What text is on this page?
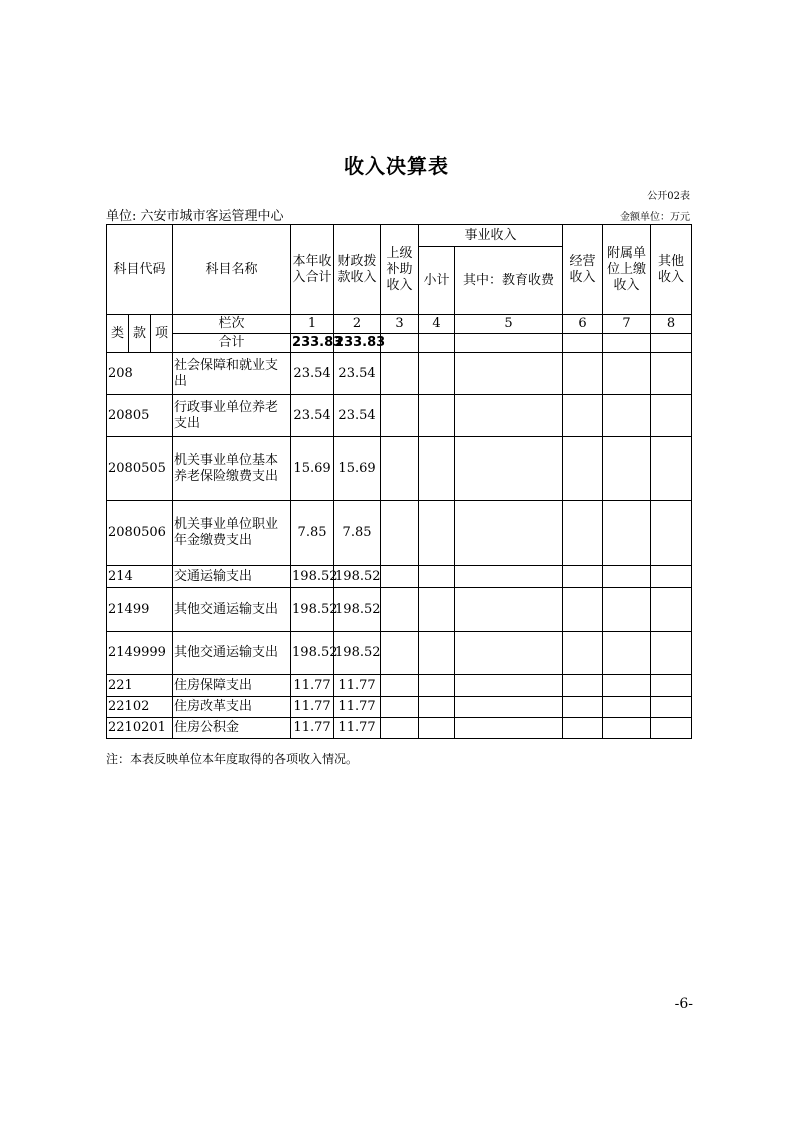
收入决算表
公开02表
单位: 六安市城市客运管理中心	金额单位：万元
科目代码			科目名称	本年收入合计	财政拨款收入	上级补助收入	事业收入		经营收入	附属单位上缴收入	其他收入
							小计	其中：教育收费			
类	款	项	栏次	1	2	3	4	5	6	7	8
			合计	233.83	233.83						
208			社会保障和就业支出	23.54	23.54						
20805			行政事业单位养老支出	23.54	23.54						
2080505			机关事业单位基本养老保险缴费支出	15.69	15.69						
2080506			机关事业单位职业年金缴费支出	7.85	7.85						
214			交通运输支出	198.52	198.52						
21499			其他交通运输支出	198.52	198.52						
2149999			其他交通运输支出	198.52	198.52						
221			住房保障支出	11.77	11.77						
22102			住房改革支出	11.77	11.77						
2210201			住房公积金	11.77	11.77						
注：本表反映单位本年度取得的各项收入情况。
-6-
